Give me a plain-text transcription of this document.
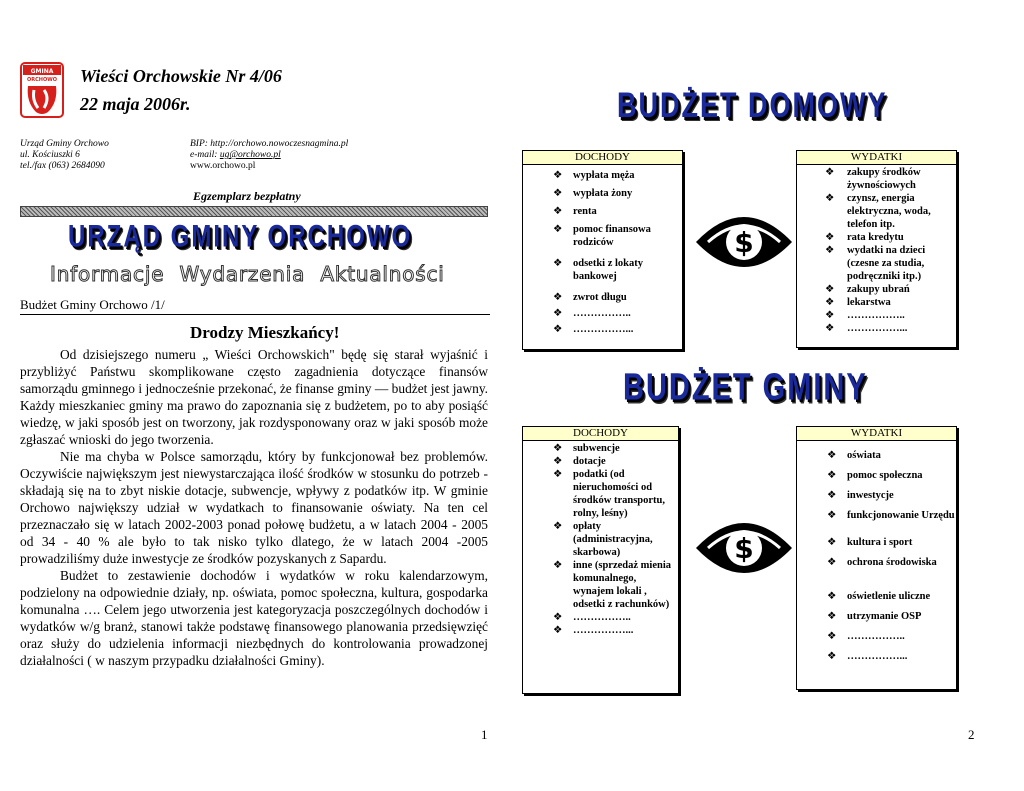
GMINA
ORCHOWO Wieści Orchowskie Nr 4/06
22 maja 2006r.
Urząd Gminy Orchowo
ul. Kościuszki 6
tel./fax (063) 2684090
BIP: http://orchowo.nowoczesnagmina.pl
e-mail: ug@orchowo.pl
www.orchowo.pl
Egzemplarz bezpłatny
URZĄD GMINY ORCHOWO
Informacje Wydarzenia Aktualności
Budżet Gminy Orchowo /1/
Drodzy Mieszkańcy!

Od dzisiejszego numeru „ Wieści Orchowskich" będę się starał wyjaśnić i przybliżyć Państwu skomplikowane często zagadnienia dotyczące finansów samorządu gminnego i jednocześnie przekonać, że finanse gminy — budżet jest jawny. Każdy mieszkaniec gminy ma prawo do zapoznania się z budżetem, po to aby posiąść wiedzę, w jaki sposób jest on tworzony, jak rozdysponowany oraz w jaki sposób może zgłaszać wnioski do jego tworzenia.

Nie ma chyba w Polsce samorządu, który by funkcjonował bez problemów. Oczywiście największym jest niewystarczająca ilość środków w stosunku do potrzeb -składają się na to zbyt niskie dotacje, subwencje, wpływy z podatków itp. W gminie Orchowo największy udział w wydatkach to finansowanie oświaty. Na ten cel przeznaczało się w latach 2002-2003 ponad połowę budżetu, a w latach 2004 - 2005 od 34 - 40 % ale było to tak nisko tylko dlatego, że w latach 2004 -2005 prowadziliśmy duże inwestycje ze środków pozyskanych z Sapardu.

Budżet to zestawienie dochodów i wydatków w roku kalendarzowym, podzielony na odpowiednie działy, np. oświata, pomoc społeczna, kultura, gospodarka komunalna …. Celem jego utworzenia jest kategoryzacja poszczególnych dochodów i wydatków w/g branż, stanowi także podstawę finansowego planowania przedsięwzięć oraz służy do udzielenia informacji niezbędnych do kontrolowania prowadzonej działalności ( w naszym przypadku działalności Gminy).

1	2
BUDŻET DOMOWY
DOCHODY
❖ wypłata męża
❖ wypłata żony
❖ renta
❖ pomoc finansowa rodziców
❖ odsetki z lokaty bankowej
❖ zwrot długu
❖ ……………..
❖ ……………...
$
WYDATKI
❖ zakupy środków żywnościowych
❖ czynsz, energia elektryczna, woda, telefon itp.
❖ rata kredytu
❖ wydatki na dzieci (czesne za studia, podręczniki itp.)
❖ zakupy ubrań
❖ lekarstwa
❖ ……………..
❖ ……………...
BUDŻET GMINY
DOCHODY
❖ subwencje
❖ dotacje
❖ podatki (od nieruchomości od środków transportu, rolny, leśny)
❖ opłaty (administracyjna, skarbowa)
❖ inne (sprzedaż mienia komunalnego, wynajem lokali , odsetki z rachunków)
❖ ……………..
❖ ……………...
$
WYDATKI
❖ oświata
❖ pomoc społeczna
❖ inwestycje
❖ funkcjonowanie Urzędu
❖ kultura i sport
❖ ochrona środowiska
❖ oświetlenie uliczne
❖ utrzymanie OSP
❖ ……………..
❖ ……………...
